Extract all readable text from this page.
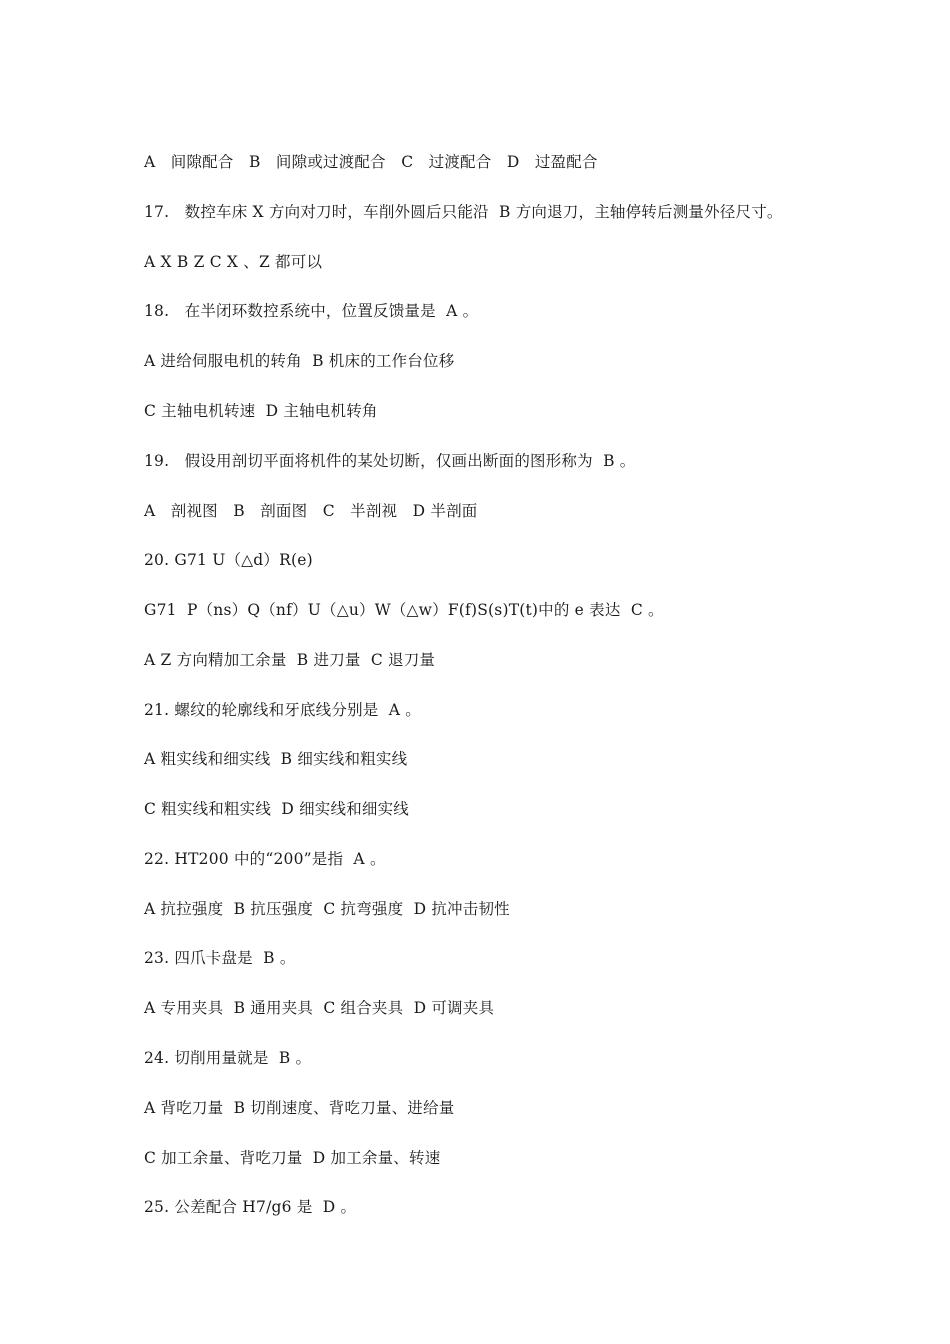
A   间隙配合   B   间隙或过渡配合   C   过渡配合   D   过盈配合
17.   数控车床 X 方向对刀时，车削外圆后只能沿  B 方向退刀，主轴停转后测量外径尺寸。
A X B Z C X 、Z 都可以
18.   在半闭环数控系统中，位置反馈量是  A 。
A 进给伺服电机的转角  B 机床的工作台位移
C 主轴电机转速  D 主轴电机转角
19.   假设用剖切平面将机件的某处切断，仅画出断面的图形称为  B 。
A   剖视图   B   剖面图   C   半剖视   D 半剖面
20. G71 U（△d）R(e)
G71  P（ns）Q（nf）U（△u）W（△w）F(f)S(s)T(t)中的 e 表达  C 。
A Z 方向精加工余量  B 进刀量  C 退刀量
21. 螺纹的轮廓线和牙底线分别是  A 。
A 粗实线和细实线  B 细实线和粗实线
C 粗实线和粗实线  D 细实线和细实线
22. HT200 中的“200”是指  A 。
A 抗拉强度  B 抗压强度  C 抗弯强度  D 抗冲击韧性
23. 四爪卡盘是  B 。
A 专用夹具  B 通用夹具  C 组合夹具  D 可调夹具
24. 切削用量就是  B 。
A 背吃刀量  B 切削速度、背吃刀量、进给量
C 加工余量、背吃刀量  D 加工余量、转速
25. 公差配合 H7/g6 是  D 。
